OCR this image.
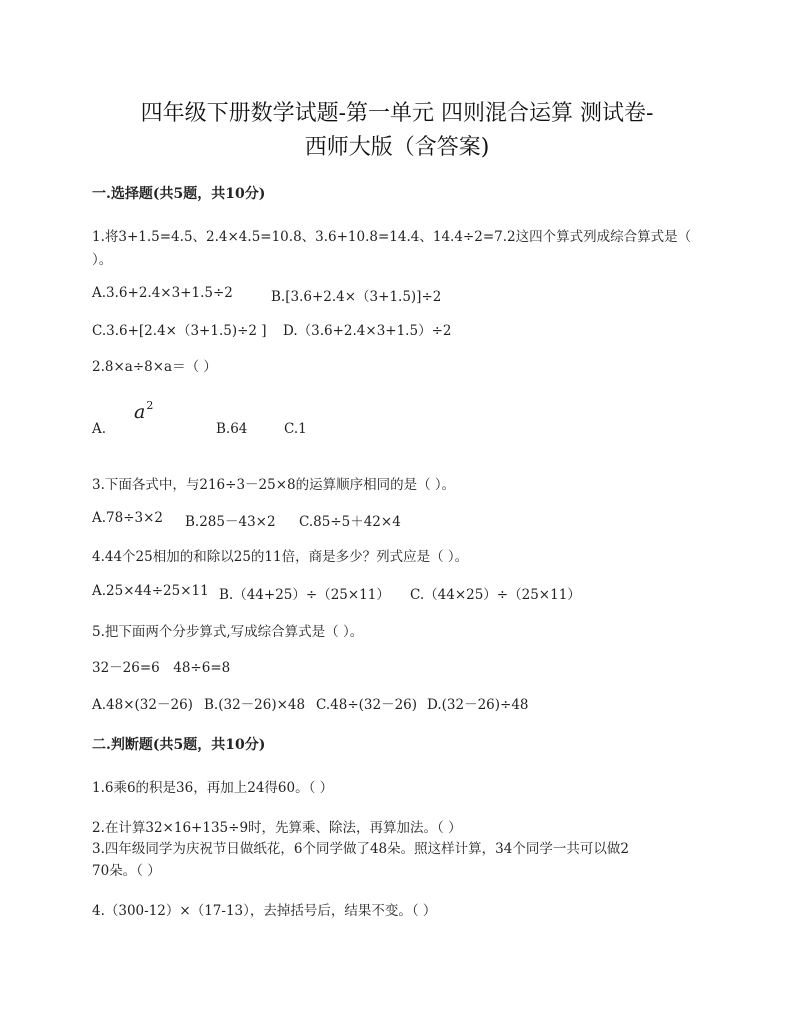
四年级下册数学试题-第一单元 四则混合运算 测试卷-
西师大版（含答案)
一.选择题(共5题，共10分)
1.将3+1.5=4.5、2.4×4.5=10.8、3.6+10.8=14.4、14.4÷2=7.2这四个算式列成综合算式是（
）。
A.3.6+2.4×3+1.5÷2	B.[3.6+2.4×（3+1.5)]÷2
C.3.6+[2.4×（3+1.5)÷2 ] D.（3.6+2.4×3+1.5）÷2
2.8×a÷8×a＝（ ）
A.
$a^2$
B.64	C.1
3.下面各式中，与216÷3－25×8的运算顺序相同的是（ ）。
A.78÷3×2 B.285－43×2 C.85÷5＋42×4
4.44个25相加的和除以25的11倍，商是多少？列式应是（ ）。
A.25×44÷25×11 B.（44+25）÷（25×11） C.（44×25）÷（25×11）
5.把下面两个分步算式,写成综合算式是（ ）。
32－26=6　48÷6=8
A.48×(32－26) B.(32－26)×48 C.48÷(32－26) D.(32－26)÷48
二.判断题(共5题，共10分)
1.6乘6的积是36，再加上24得60。（ ）
2.在计算32×16+135÷9时，先算乘、除法，再算加法。（ ）
3.四年级同学为庆祝节日做纸花，6个同学做了48朵。照这样计算，34个同学一共可以做2
70朵。（ ）
4.（300-12）×（17-13），去掉括号后，结果不变。（ ）
